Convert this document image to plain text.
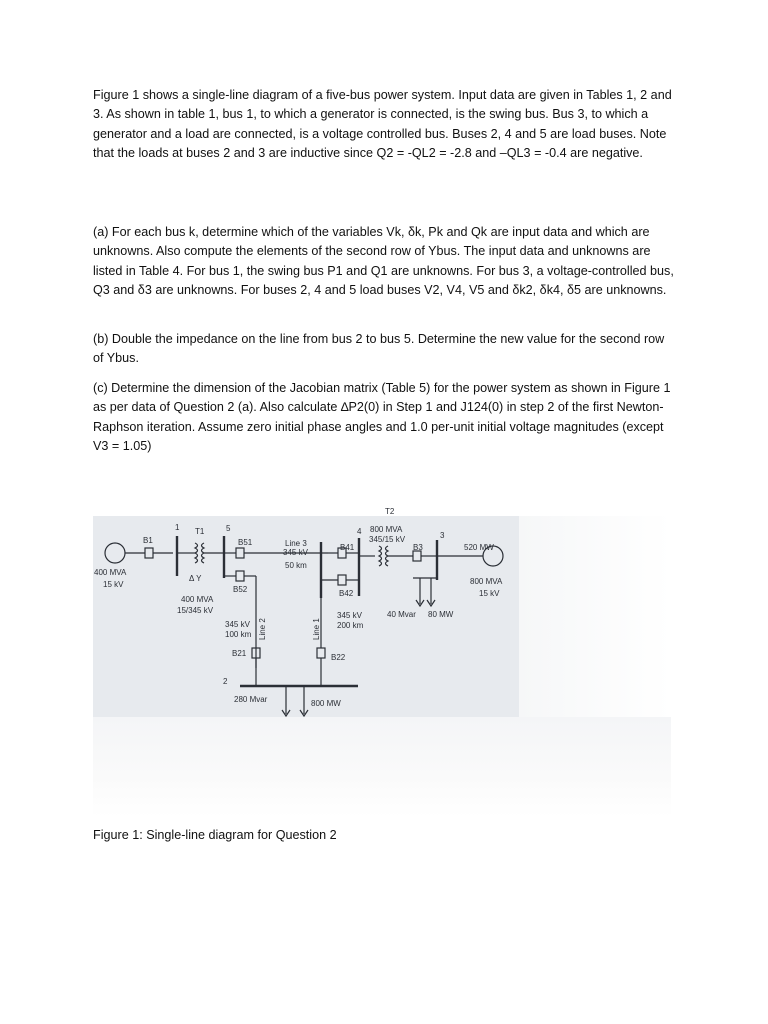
Figure 1 shows a single-line diagram of a five-bus power system. Input data are given in Tables 1, 2 and 3. As shown in table 1, bus 1, to which a generator is connected, is the swing bus. Bus 3, to which a generator and a load are connected, is a voltage controlled bus. Buses 2, 4 and 5 are load buses. Note that the loads at buses 2 and 3 are inductive since Q2 = -QL2 = -2.8 and –QL3 = -0.4 are negative.

(a) For each bus k, determine which of the variables Vk, δk, Pk and Qk are input data and which are unknowns. Also compute the elements of the second row of Ybus. The input data and unknowns are listed in Table 4. For bus 1, the swing bus P1 and Q1 are unknowns. For bus 3, a voltage-controlled bus, Q3 and δ3 are unknowns. For buses 2, 4 and 5 load buses V2, V4, V5 and δk2, δk4, δ5 are unknowns.

(b) Double the impedance on the line from bus 2 to bus 5. Determine the new value for the second row of Ybus.

(c) Determine the dimension of the Jacobian matrix (Table 5) for the power system as shown in Figure 1 as per data of Question 2 (a). Also calculate ∆P2(0) in Step 1 and J124(0) in step 2 of the first Newton-Raphson iteration. Assume zero initial phase angles and 1.0 per-unit initial voltage magnitudes (except V3 = 1.05)

B1
400 MVA
15 kV
1 T1
400 MVA
15/345 kV
Δ Y
5
B51
B52
Line 3
345 kV
50 km
Line 2
345 kV
100 km
B21
B41
4
B42
Line 1
345 kV
200 km
B22
T2
800 MVA
345/15 kV
B3
3
520 MW
800 MVA
15 kV
40 Mvar 80 MW
2
280 Mvar	800 MW

Figure 1: Single-line diagram for Question 2
